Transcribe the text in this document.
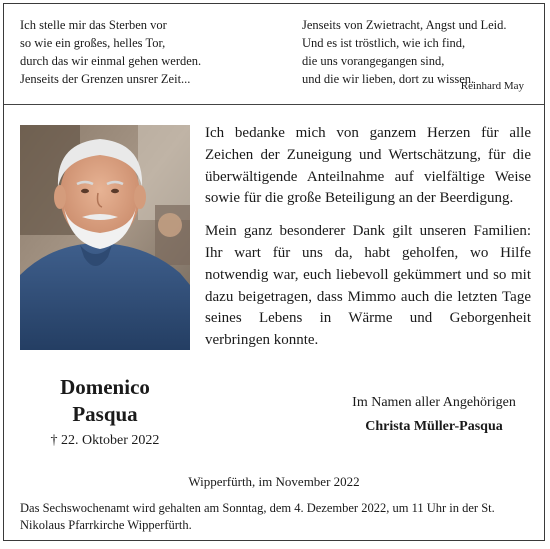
Ich stelle mir das Sterben vor
so wie ein großes, helles Tor,
durch das wir einmal gehen werden.
Jenseits der Grenzen unsrer Zeit...
Jenseits von Zwietracht, Angst und Leid.
Und es ist tröstlich, wie ich find,
die uns vorangegangen sind,
und die wir lieben, dort zu wissen.
Reinhard May

Ich bedanke mich von ganzem Herzen für alle Zeichen der Zuneigung und Wertschätzung, für die überwältigende Anteilnahme auf vielfältige Weise sowie für die große Beteiligung an der Beerdigung.

Mein ganz besonderer Dank gilt unseren Familien: Ihr wart für uns da, habt geholfen, wo Hilfe notwendig war, euch liebevoll gekümmert und so mit dazu beigetragen, dass Mimmo auch die letzten Tage seines Lebens in Wärme und Geborgenheit verbringen konnte.

Domenico
Pasqua
† 22. Oktober 2022
Im Namen aller Angehörigen
Christa Müller-Pasqua
Wipperfürth, im November 2022
Das Sechswochenamt wird gehalten am Sonntag, dem 4. Dezember 2022, um 11 Uhr in der St. Nikolaus Pfarrkirche Wipperfürth.
